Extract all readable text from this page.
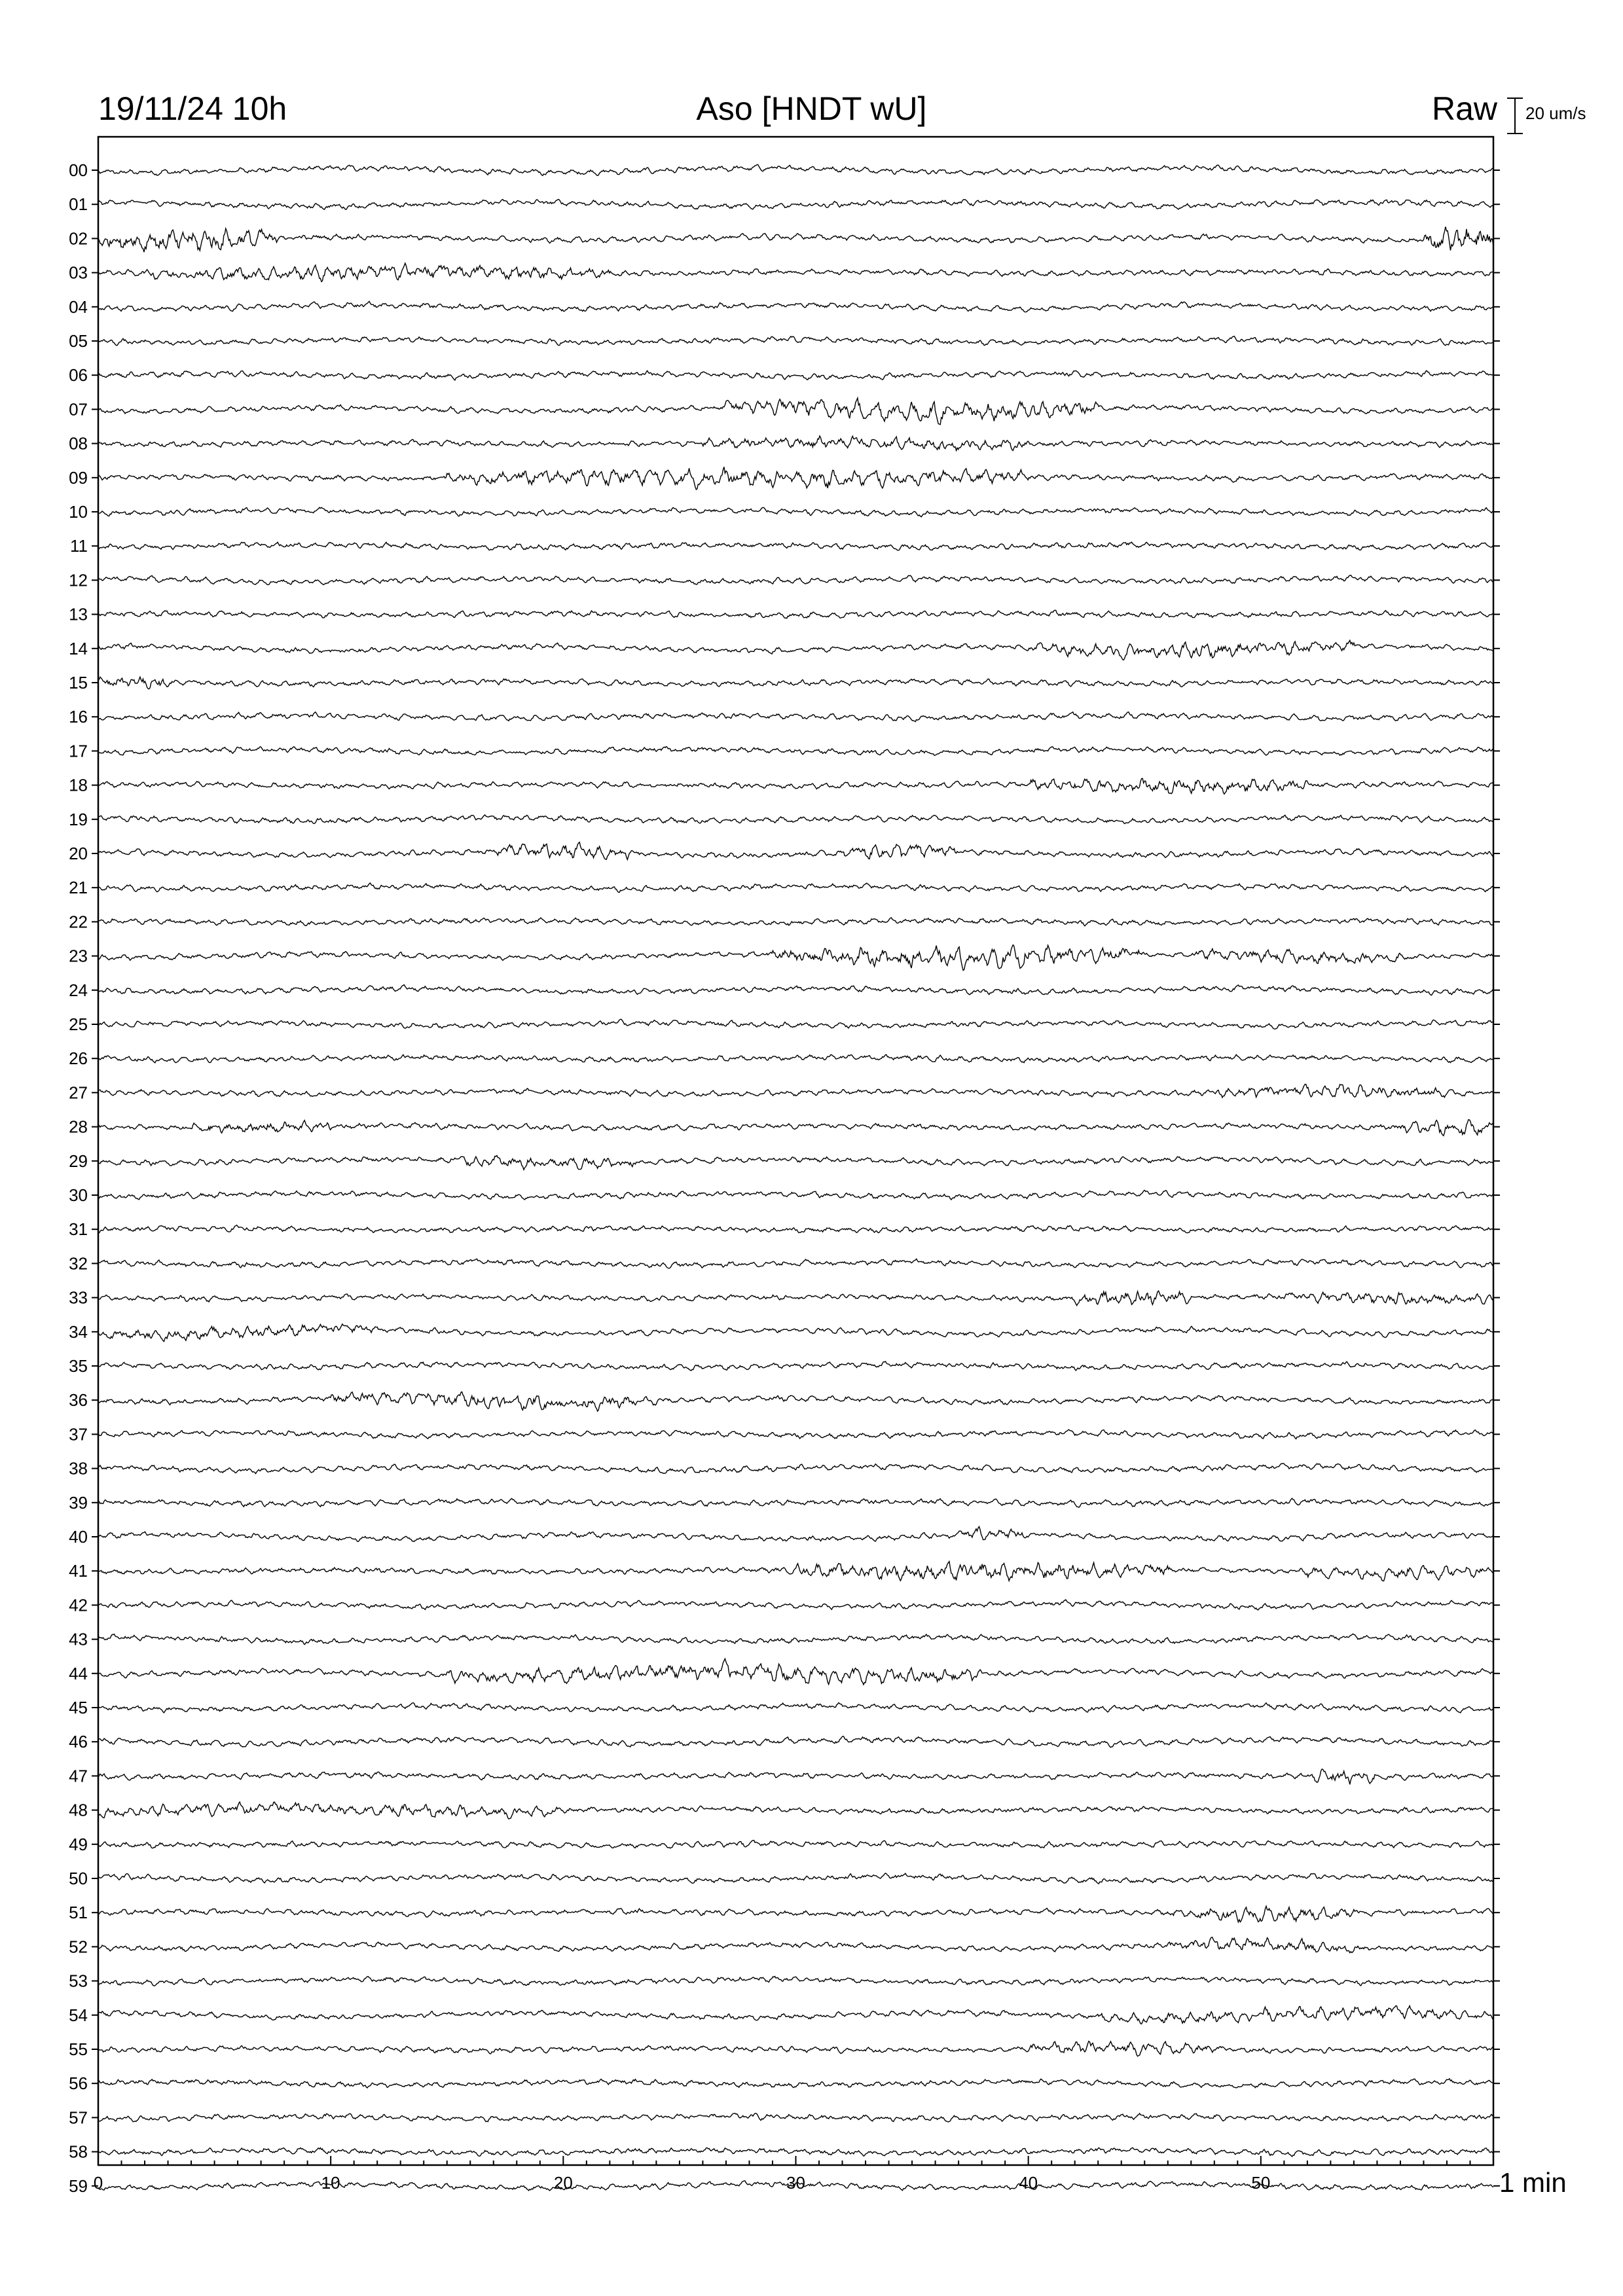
00
01
02
03
04
05
06
07
08
09
10
11
12
13
14
15
16
17
18
19
20
21
22
23
24
25
26
27
28
29
30
31
32
33
34
35
36
37
38
39
40
41
42
43
44
45
46
47
48
49
50
51
52
53
54
55
56
57
58
59 0	10	20	30	40	50
19/11/24 10h	Aso [HNDT wU]	Raw 20 um/s
1 min
